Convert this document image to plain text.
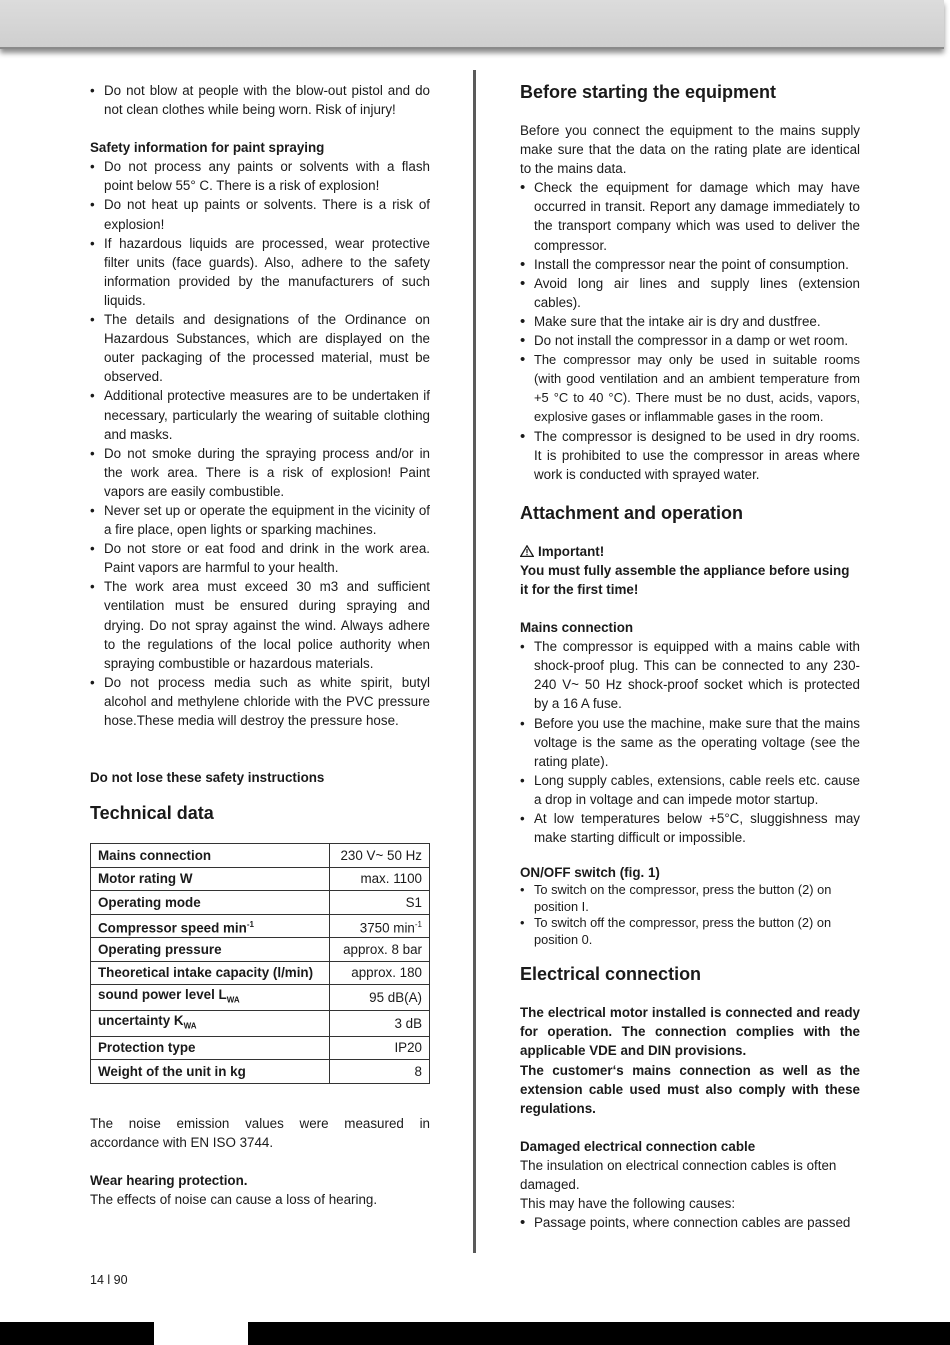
• Do not blow at people with the blow-out pistol and do not clean clothes while being worn. Risk of injury!
Safety information for paint spraying
• Do not process any paints or solvents with a flash point below 55° C. There is a risk of explosion!
• Do not heat up paints or solvents. There is a risk of explosion!
• If hazardous liquids are processed, wear protective filter units (face guards). Also, adhere to the safety information provided by the manufacturers of such liquids.
• The details and designations of the Ordinance on Hazardous Substances, which are displayed on the outer packaging of the processed material, must be observed.
• Additional protective measures are to be undertaken if necessary, particularly the wearing of suitable clothing and masks.
• Do not smoke during the spraying process and/or in the work area. There is a risk of explosion! Paint vapors are easily combustible.
• Never set up or operate the equipment in the vicinity of a fire place, open lights or sparking machines.
• Do not store or eat food and drink in the work area. Paint vapors are harmful to your health.
• The work area must exceed 30 m3 and sufficient ventilation must be ensured during spraying and drying. Do not spray against the wind. Always adhere to the regulations of the local police authority when spraying combustible or hazardous materials.
• Do not process media such as white spirit, butyl alcohol and methylene chloride with the PVC pressure hose.These media will destroy the pressure hose.
Do not lose these safety instructions
Technical data
Mains connection	230 V~ 50 Hz
Motor rating W	max. 1100
Operating mode	S1
Compressor speed $\min^{-1}$	3750 $\min^{-1}$
Operating pressure	approx. 8 bar
Theoretical intake capacity (l/min)	approx. 180
sound power level $L_{WA}$	95 dB(A)
uncertainty $K_{WA}$	3 dB
Protection type	IP20
Weight of the unit in kg	8
The noise emission values were measured in accordance with EN ISO 3744.
Wear hearing protection.
The effects of noise can cause a loss of hearing.
Before starting the equipment
Before you connect the equipment to the mains supply make sure that the data on the rating plate are identical to the mains data.
• Check the equipment for damage which may have occurred in transit. Report any damage immediately to the transport company which was used to deliver the compressor.
• Install the compressor near the point of consumption.
• Avoid long air lines and supply lines (extension cables).
• Make sure that the intake air is dry and dustfree.
• Do not install the compressor in a damp or wet room.
• The compressor may only be used in suitable rooms (with good ventilation and an ambient temperature from +5 °C to 40 °C). There must be no dust, acids, vapors, explosive gases or inflammable gases in the room.
• The compressor is designed to be used in dry rooms. It is prohibited to use the compressor in areas where work is conducted with sprayed water.
Attachment and operation
Important!
You must fully assemble the appliance before using it for the first time!
Mains connection
• The compressor is equipped with a mains cable with shock-proof plug. This can be connected to any 230-240 V~ 50 Hz shock-proof socket which is protected by a 16 A fuse.
• Before you use the machine, make sure that the mains voltage is the same as the operating voltage (see the rating plate).
• Long supply cables, extensions, cable reels etc. cause a drop in voltage and can impede motor startup.
• At low temperatures below +5°C, sluggishness may make starting difficult or impossible.
ON/OFF switch (fig. 1)
• To switch on the compressor, press the button (2) on position I.
• To switch off the compressor, press the button (2) on position 0.
Electrical connection
The electrical motor installed is connected and ready for operation. The connection complies with the applicable VDE and DIN provisions.
The customer‘s mains connection as well as the extension cable used must also comply with these regulations.
Damaged electrical connection cable
The insulation on electrical connection cables is often damaged.
This may have the following causes:
• Passage points, where connection cables are passed
14 l 90
